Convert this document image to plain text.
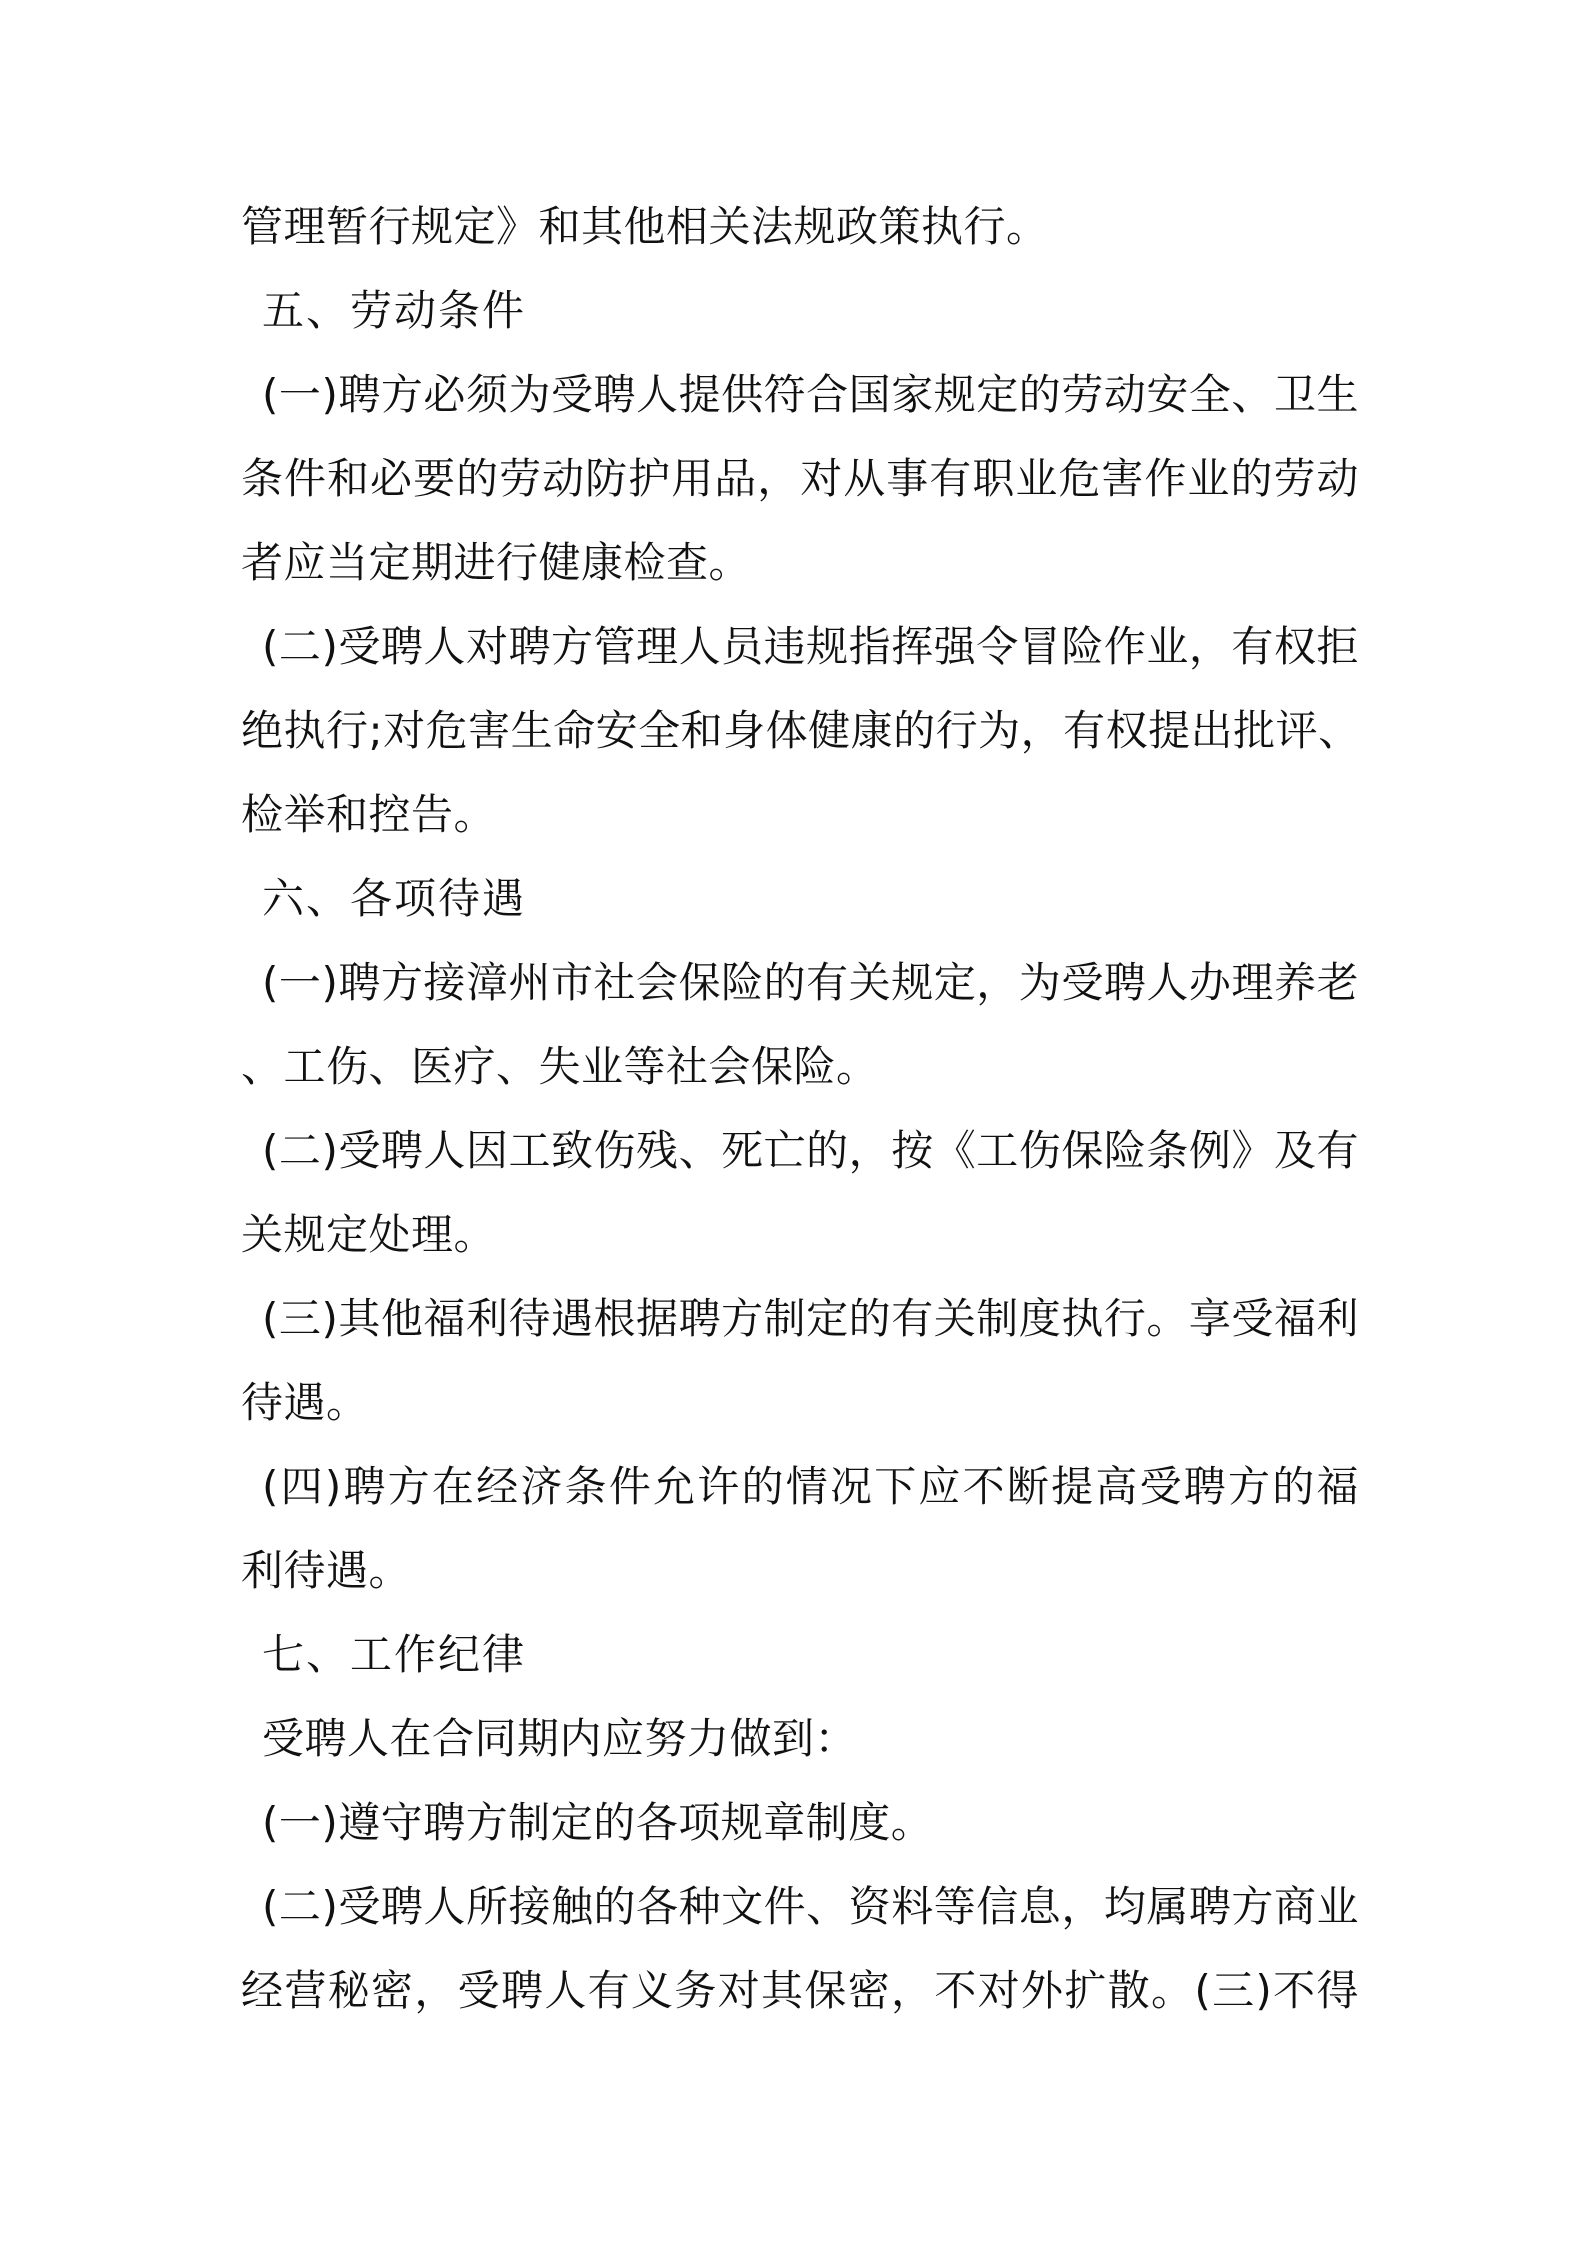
管理暂行规定》和其他相关法规政策执行。
五、劳动条件
(一)聘方必须为受聘人提供符合国家规定的劳动安全、卫生
条件和必要的劳动防护用品，对从事有职业危害作业的劳动
者应当定期进行健康检查。
(二)受聘人对聘方管理人员违规指挥强令冒险作业，有权拒
绝执行;对危害生命安全和身体健康的行为，有权提出批评、
检举和控告。
六、各项待遇
(一)聘方接漳州市社会保险的有关规定，为受聘人办理养老
、工伤、医疗、失业等社会保险。
(二)受聘人因工致伤残、死亡的，按《工伤保险条例》及有
关规定处理。
(三)其他福利待遇根据聘方制定的有关制度执行。享受福利
待遇。
(四)聘方在经济条件允许的情况下应不断提高受聘方的福
利待遇。
七、工作纪律
受聘人在合同期内应努力做到：
(一)遵守聘方制定的各项规章制度。
(二)受聘人所接触的各种文件、资料等信息，均属聘方商业
经营秘密，受聘人有义务对其保密，不对外扩散。(三)不得
